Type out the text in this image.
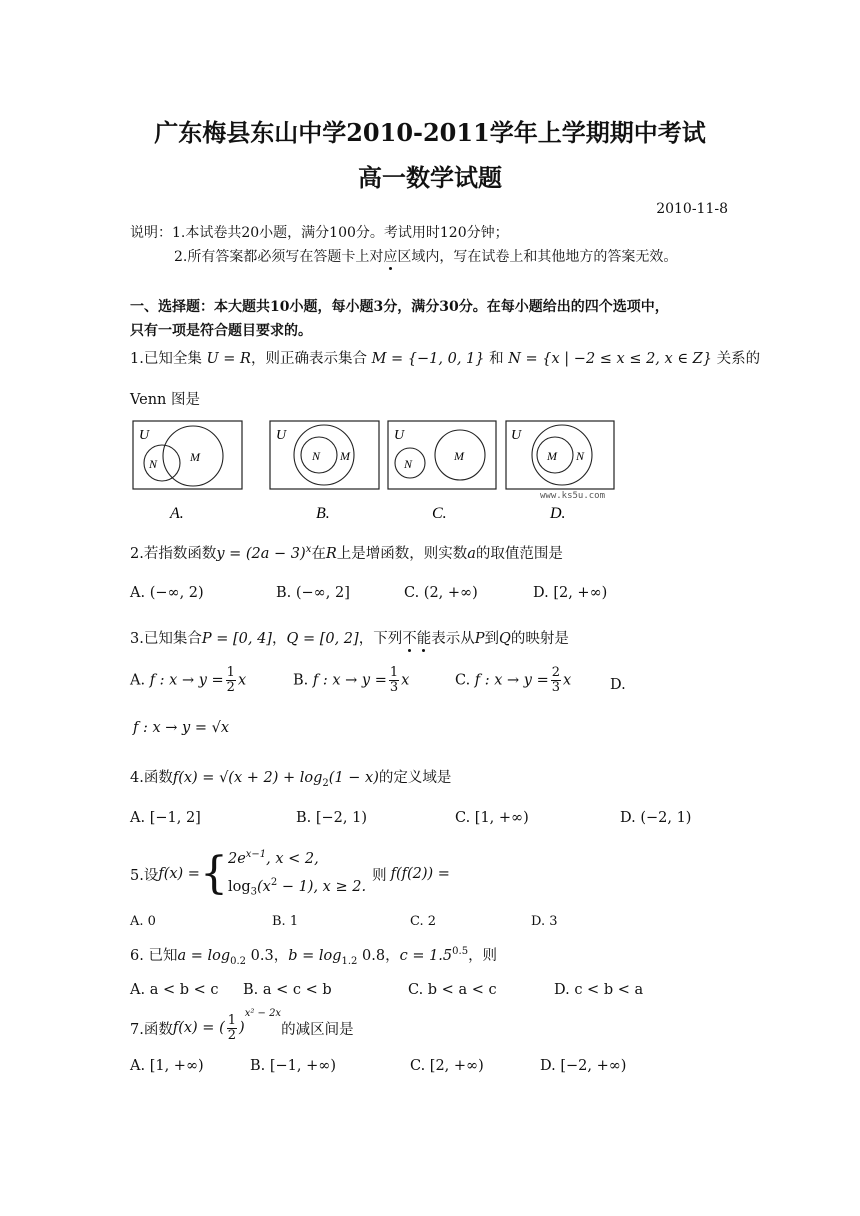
广东梅县东山中学2010-2011学年上学期期中考试
高一数学试题
2010-11-8
说明：1.本试卷共20小题，满分100分。考试用时120分钟；
2.所有答案都必须写在答题卡上对应区域内，写在试卷上和其他地方的答案无效。
一、选择题：本大题共10小题，每小题3分，满分30分。在每小题给出的四个选项中，
只有一项是符合题目要求的。
1.已知全集 U = R，则正确表示集合 M = {−1, 0, 1} 和 N = {x | −2 ≤ x ≤ 2, x ∈ Z} 关系的
Venn 图是
U
M
N
A.
U
N M
B.
U
N
M
C.
U
M N
www.ks5u.com
D.
2.若指数函数$y = (2a - 3)^x$在R上是增函数，则实数a的取值范围是
A. (−∞, 2)	B. (−∞, 2]	C. (2, +∞)	D. [2, +∞)
3.已知集合P = [0, 4]，Q = [0, 2]，下列不能表示从P到Q的映射是
A. f : $x \to y = \frac{1}{2}$ x	B. f : $x \to y = \frac{1}{3}$ x	C. f : $x \to y = \frac{2}{3}$ x	D.
f : x → y = √x
4.函数$f(x) = √(x + 2) + \log_2(1 - x)$的定义域是
A. [−1, 2]	B. [−2, 1)	C. [1, +∞)	D. (−2, 1)
5.设 f(x) = { $2e^{x-1}$, x < 2,
$\log_3(x^2 - 1)$, x ≥ 2.
则 f(f(2)) =
A. 0	B. 1	C. 2	D. 3
6. 已知$a = \log_{0.2} 0.3$，$b = \log_{1.2} 0.8$，$c = 1.5^{0.5}$，则
A. a < b < c B. a < c < b	C. b < a < c	D. c < b < a
7.函数 f(x) = ( $\frac{1}{2}$ )
x² − 2x
的减区间是
A. [1, +∞)	B. [−1, +∞)	C. [2, +∞)	D. [−2, +∞)
